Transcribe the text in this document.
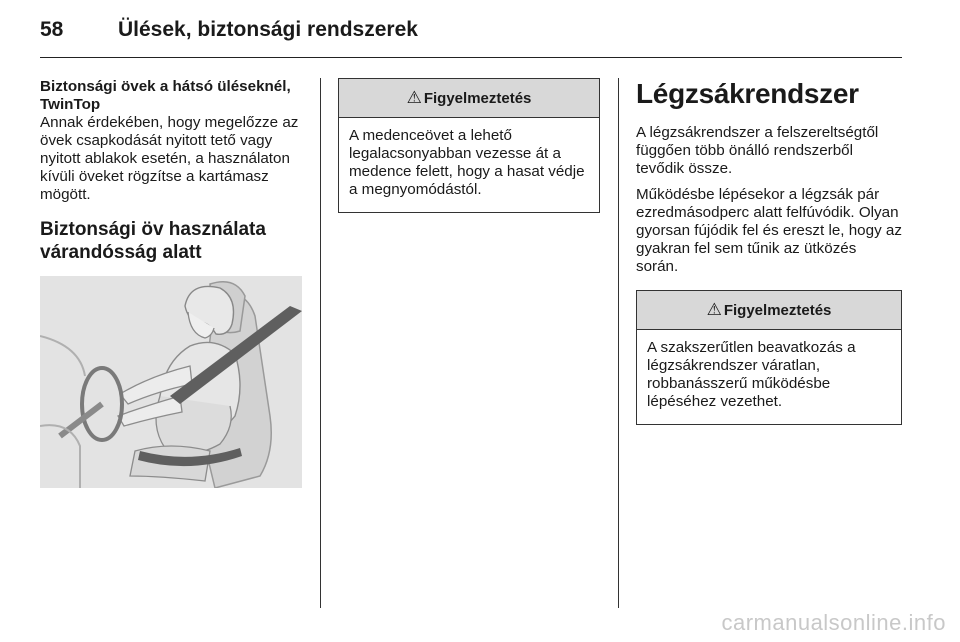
58	Ülések, biztonsági rendszerek

Biztonsági övek a hátsó üléseknél, TwinTop

Annak érdekében, hogy megelőzze az övek csapkodását nyitott tető vagy nyitott ablakok esetén, a használaton kívüli öveket rögzítse a kartámasz mögött.

Biztonsági öv használata várandósság alatt

⚠ Figyelmeztetés

A medenceövet a lehető legalacsonyabban vezesse át a medence felett, hogy a hasat védje a megnyomódástól.

Légzsákrendszer

A légzsákrendszer a felszereltségtől függően több önálló rendszerből tevődik össze.

Működésbe lépésekor a légzsák pár ezredmásodperc alatt felfúvódik. Olyan gyorsan fújódik fel és ereszt le, hogy az gyakran fel sem tűnik az ütközés során.

⚠ Figyelmeztetés

A szakszerűtlen beavatkozás a légzsákrendszer váratlan, robbanásszerű működésbe lépéséhez vezethet.

carmanualsonline.info
